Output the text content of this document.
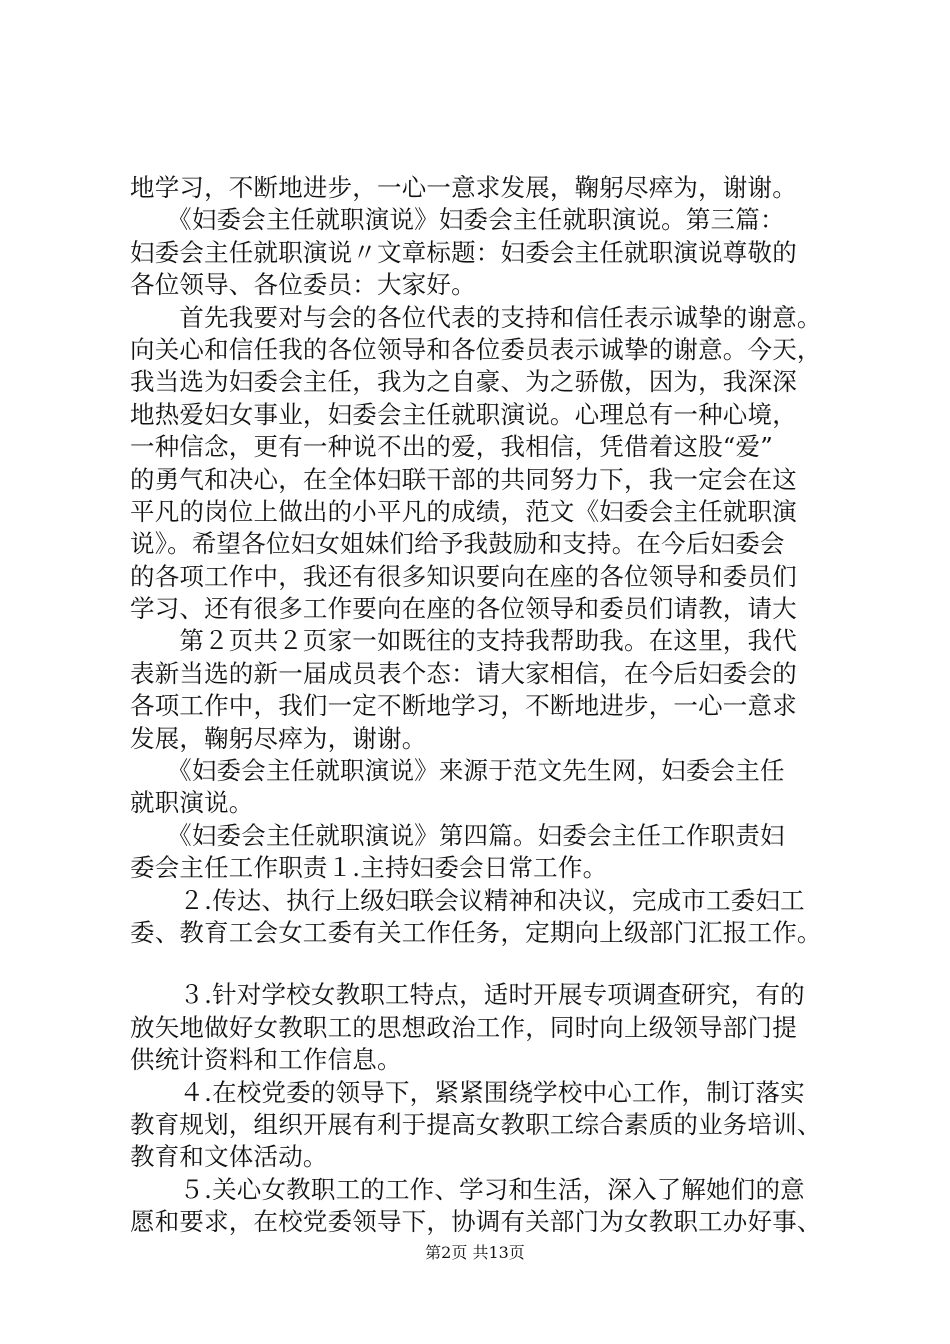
地学习，不断地进步，一心一意求发展，鞠躬尽瘁为，谢谢。
　　《妇委会主任就职演说》妇委会主任就职演说。第三篇：
妇委会主任就职演说〃文章标题：妇委会主任就职演说尊敬的
各位领导、各位委员：大家好。
　　首先我要对与会的各位代表的支持和信任表示诚挚的谢意。
向关心和信任我的各位领导和各位委员表示诚挚的谢意。今天，
我当选为妇委会主任，我为之自豪、为之骄傲，因为，我深深
地热爱妇女事业，妇委会主任就职演说。心理总有一种心境，
一种信念，更有一种说不出的爱，我相信，凭借着这股“爱”
的勇气和决心，在全体妇联干部的共同努力下，我一定会在这
平凡的岗位上做出的小平凡的成绩，范文《妇委会主任就职演
说》。希望各位妇女姐妹们给予我鼓励和支持。在今后妇委会
的各项工作中，我还有很多知识要向在座的各位领导和委员们
学习、还有很多工作要向在座的各位领导和委员们请教，请大
　　第２页共２页家一如既往的支持我帮助我。在这里，我代
表新当选的新一届成员表个态：请大家相信，在今后妇委会的
各项工作中，我们一定不断地学习，不断地进步，一心一意求
发展，鞠躬尽瘁为，谢谢。
　　《妇委会主任就职演说》来源于范文先生网，妇委会主任
就职演说。
　　《妇委会主任就职演说》第四篇。妇委会主任工作职责妇
委会主任工作职责１.主持妇委会日常工作。
　　２.传达、执行上级妇联会议精神和决议，完成市工委妇工
委、教育工会女工委有关工作任务，定期向上级部门汇报工作。
　　３.针对学校女教职工特点，适时开展专项调查研究，有的
放矢地做好女教职工的思想政治工作，同时向上级领导部门提
供统计资料和工作信息。
　　４.在校党委的领导下，紧紧围绕学校中心工作，制订落实
教育规划，组织开展有利于提高女教职工综合素质的业务培训、
教育和文体活动。
　　５.关心女教职工的工作、学习和生活，深入了解她们的意
愿和要求，在校党委领导下，协调有关部门为女教职工办好事、
第2页 共13页
